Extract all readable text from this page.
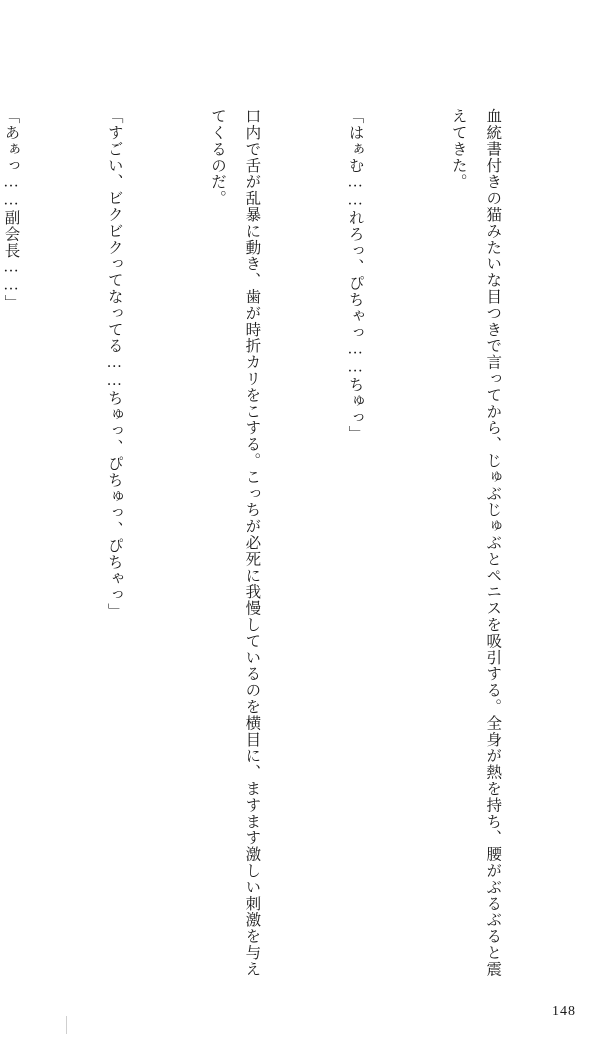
血統書付きの猫みたいな目つきで言ってから、じゅぶじゅぶとペニスを吸引する。全身が熱を持ち、腰がぶるぶると震えてきた。

「はぁむ……れろっ、ぴちゃっ……ちゅっ」

口内で舌が乱暴に動き、歯が時折カリをこする。こっちが必死に我慢しているのを横目に、ますます激しい刺激を与えてくるのだ。

「すごい、ビクビクってなってる……ちゅっ、ぴちゅっ、ぴちゃっ」

「あぁっ……副会長……」

148
